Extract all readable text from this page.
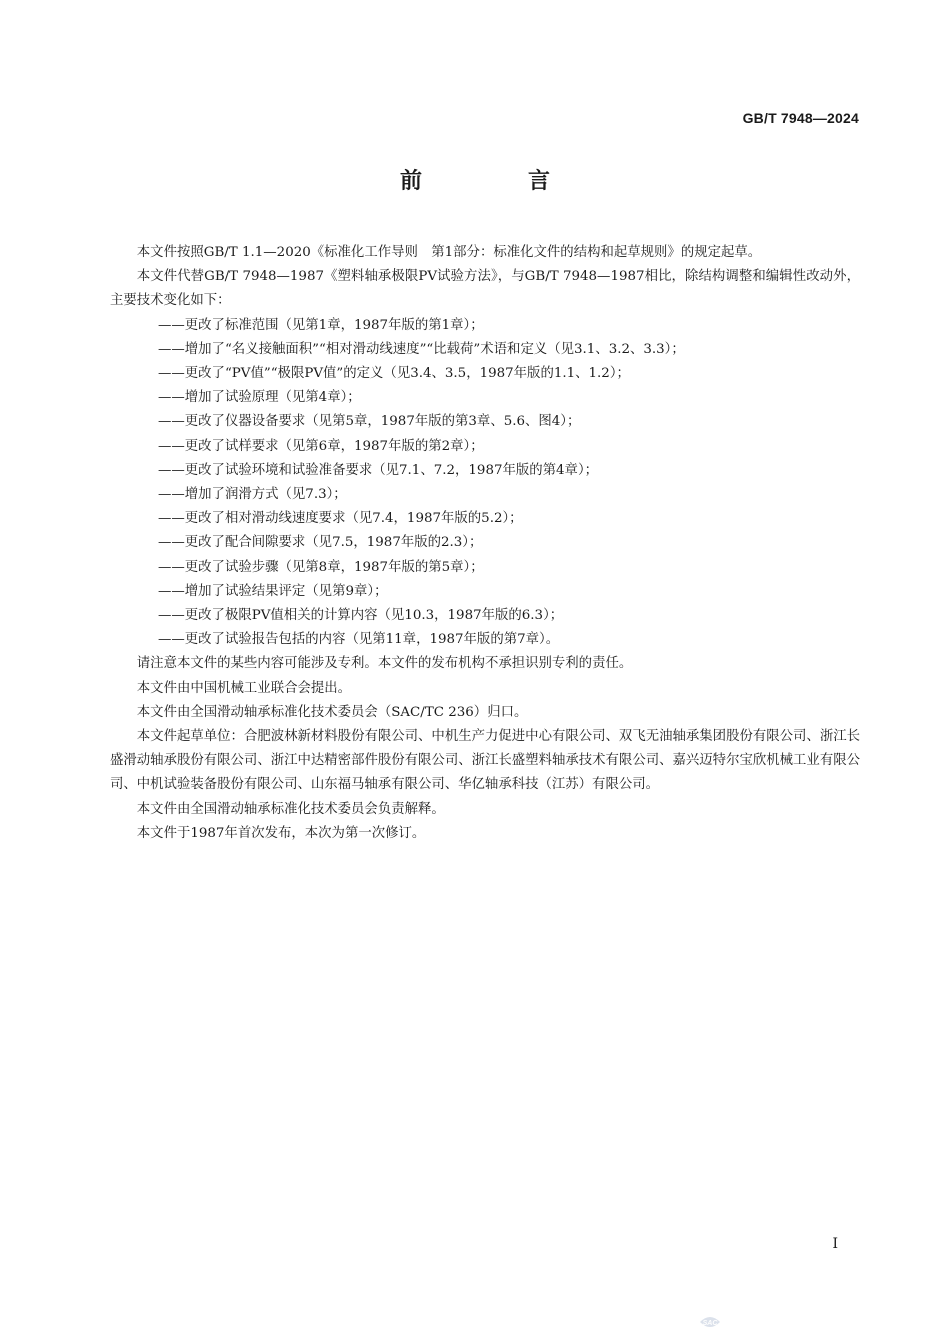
GB/T 7948—2024
前　言

本文件按照GB/T 1.1—2020《标准化工作导则　第1部分：标准化文件的结构和起草规则》的规定起草。

本文件代替GB/T 7948—1987《塑料轴承极限PV试验方法》，与GB/T 7948—1987相比，除结构调整和编辑性改动外，主要技术变化如下：

——更改了标准范围（见第1章，1987年版的第1章）；
——增加了“名义接触面积”“相对滑动线速度”“比载荷”术语和定义（见3.1、3.2、3.3）；
——更改了“PV值”“极限PV值”的定义（见3.4、3.5，1987年版的1.1、1.2）；
——增加了试验原理（见第4章）；
——更改了仪器设备要求（见第5章，1987年版的第3章、5.6、图4）；
——更改了试样要求（见第6章，1987年版的第2章）；
——更改了试验环境和试验准备要求（见7.1、7.2，1987年版的第4章）；
——增加了润滑方式（见7.3）；
——更改了相对滑动线速度要求（见7.4，1987年版的5.2）；
——更改了配合间隙要求（见7.5，1987年版的2.3）；
——更改了试验步骤（见第8章，1987年版的第5章）；
——增加了试验结果评定（见第9章）；
——更改了极限PV值相关的计算内容（见10.3，1987年版的6.3）；
——更改了试验报告包括的内容（见第11章，1987年版的第7章）。

请注意本文件的某些内容可能涉及专利。本文件的发布机构不承担识别专利的责任。

本文件由中国机械工业联合会提出。

本文件由全国滑动轴承标准化技术委员会（SAC/TC 236）归口。

本文件起草单位：合肥波林新材料股份有限公司、中机生产力促进中心有限公司、双飞无油轴承集团股份有限公司、浙江长盛滑动轴承股份有限公司、浙江中达精密部件股份有限公司、浙江长盛塑料轴承技术有限公司、嘉兴迈特尔宝欣机械工业有限公司、中机试验装备股份有限公司、山东福马轴承有限公司、华亿轴承科技（江苏）有限公司。

本文件由全国滑动轴承标准化技术委员会负责解释。

本文件于1987年首次发布，本次为第一次修订。

I
SAC
